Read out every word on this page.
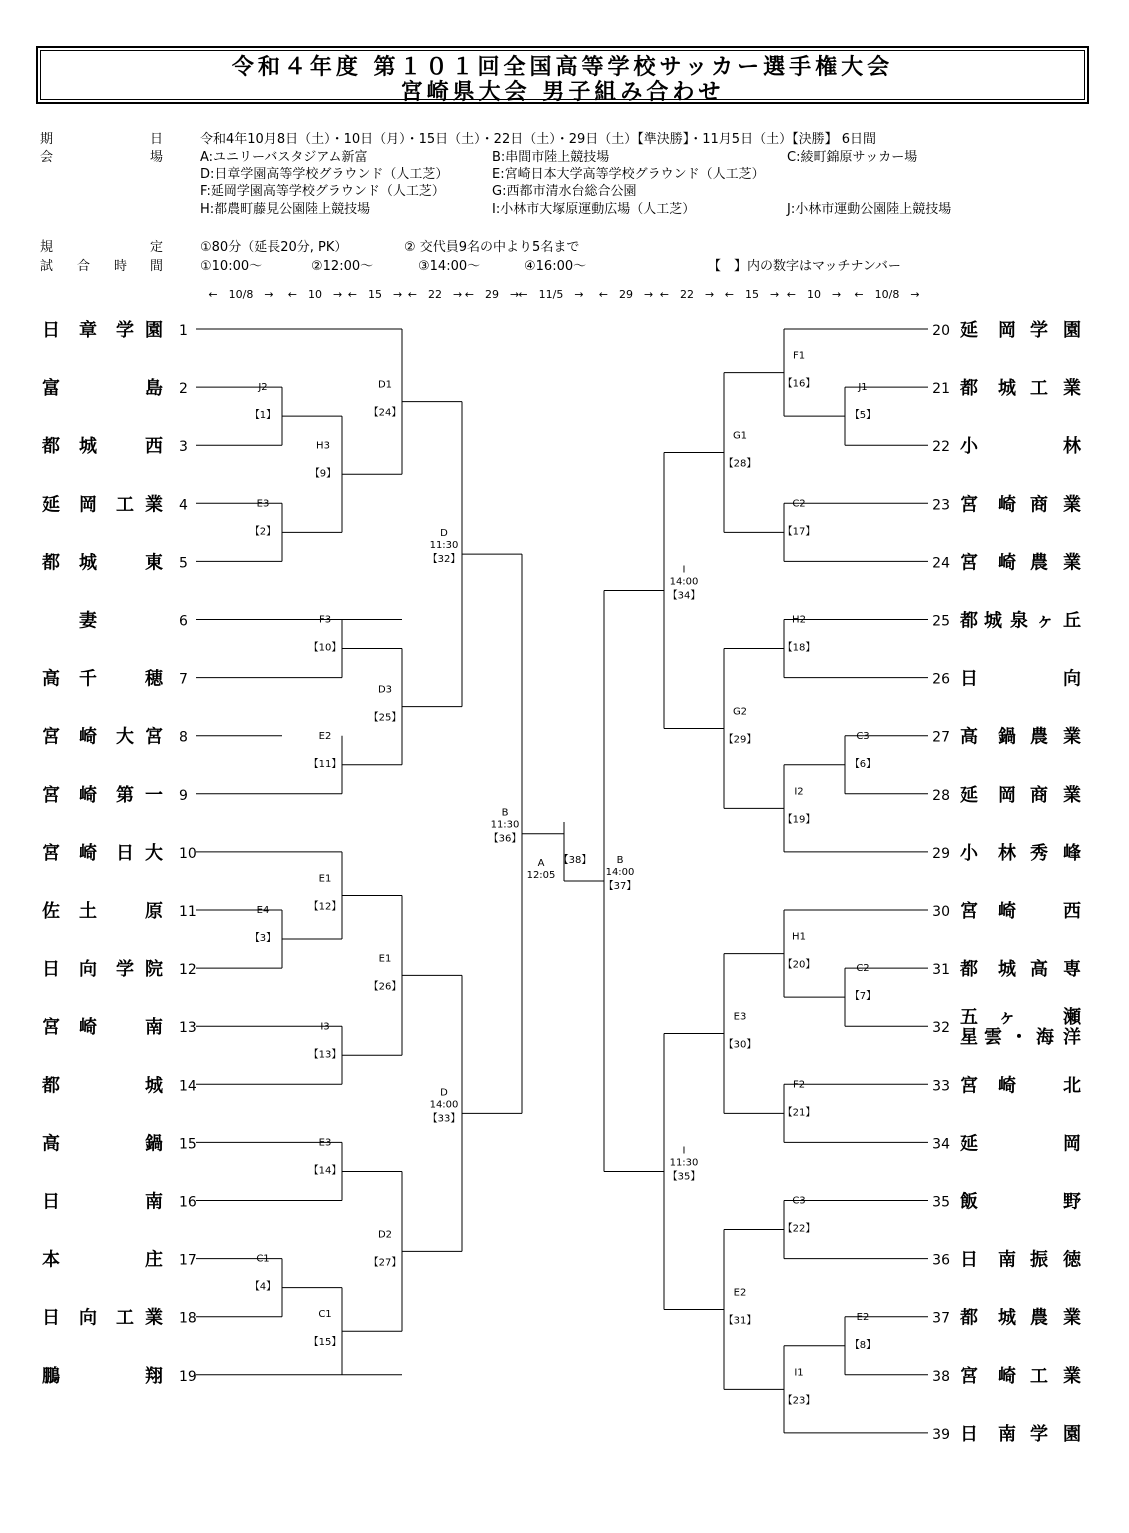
令和４年度 第１０１回全国高等学校サッカー選手権大会
宮崎県大会 男子組み合わせ
期	日	令和4年10月8日（土）・10日（月）・15日（土）・22日（土）・29日（土）【準決勝】・11月5日（土）【決勝】 6日間
会	場	A:ユニリーバスタジアム新富	B:串間市陸上競技場	C:綾町錦原サッカー場
D:日章学園高等学校グラウンド（人工芝）	E:宮崎日本大学高等学校グラウンド（人工芝）
F:延岡学園高等学校グラウンド（人工芝）	G:西都市清水台総合公園
H:都農町藤見公園陸上競技場	I:小林市大塚原運動広場（人工芝）	J:小林市運動公園陸上競技場
規	定	①80分（延長20分, PK）	② 交代員9名の中より5名まで
試 合 時 間	①10:00～	②12:00～	③14:00～	④16:00～	【　】内の数字はマッチナンバー
←　10/8　→ ←　10　→ ←　15　→ ←　22　→ ←　29　→ ←　11/5　→ ←　29　→ ←　22　→ ←　15　→ ←　10　→ ←　10/8　→
日 章 学 園 1
富	島 2
都 城	西 3
延 岡 工 業 4
都 城	東 5
妻	6
高 千	穂 7
宮 崎 大 宮 8
宮 崎 第 一 9
宮 崎 日 大 10
佐 土	原 11
日 向 学 院 12
宮 崎	南 13
都	城 14
高	鍋 15
日	南 16
本	庄 17
日 向 工 業 18
鵬	翔 19
延 岡 学 園
20
都 城 工 業
21
小	林
22
宮 崎 商 業
23
宮 崎 農 業
24
都 城 泉 ヶ 丘
25
日	向
26
高 鍋 農 業
27
延 岡 商 業
28
小 林 秀 峰
29
宮 崎	西
30
都 城 高 専
31
五 ヶ	瀬
星 雲 ・ 海 洋
32
宮 崎	北
33
延	岡
34
飯	野
35
日 南 振 徳
36
都 城 農 業
37
宮 崎 工 業
38
日 南 学 園
39
J2
【1】
E3
【2】
H3
【9】
D1
【24】
F3
【10】
E2
【11】
D3
【25】
D
11:30
【32】
E4
【3】
E1
【12】
I3
【13】
E1
【26】
E3
【14】
C1
【4】
C1
【15】
D2
【27】
D
14:00
【33】
B
11:30
【36】
J1
【5】
F1
【16】
C2
【17】
G1
【28】
H2
【18】
C3
【6】
I2
【19】
G2
【29】
I
14:00
【34】
C2
【7】
H1
【20】
F2
【21】
E3
【30】
C3
【22】
E2
【8】
I1
【23】
E2
【31】
I
11:30
【35】
B
14:00
【37】
A
12:05
【38】
